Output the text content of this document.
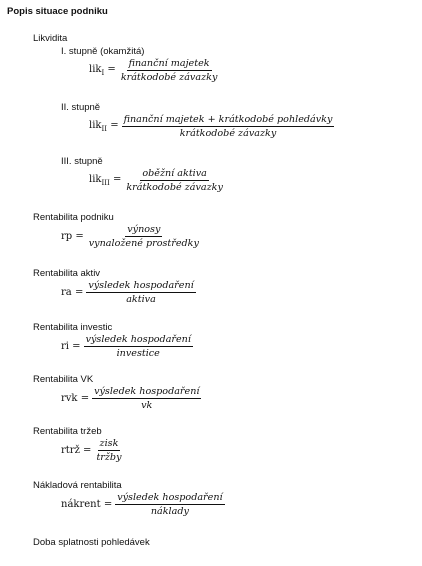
Popis situace podniku
Likvidita
I. stupně (okamžitá)
$lik_I = \frac{\text{finanční majetek}}{\text{krátkodobé závazky}}$
II. stupně
$lik_{II} = \frac{\text{finanční majetek + krátkodobé pohledávky}}{\text{krátkodobé závazky}}$
III. stupně
$lik_{III} = \frac{\text{oběžní aktiva}}{\text{krátkodobé závazky}}$
Rentabilita podniku
rp = $\frac{\text{výnosy}}{\text{vynaložené prostředky}}$
Rentabilita aktiv
ra = $\frac{\text{výsledek hospodaření}}{\text{aktiva}}$
Rentabilita investic
ri = $\frac{\text{výsledek hospodaření}}{\text{investice}}$
Rentabilita VK
rvk = $\frac{\text{výsledek hospodaření}}{vk}$
Rentabilita tržeb
rtrž = $\frac{\text{zisk}}{\text{tržby}}$
Nákladová rentabilita
nákrent = $\frac{\text{výsledek hospodaření}}{\text{náklady}}$
Doba splatnosti pohledávek
